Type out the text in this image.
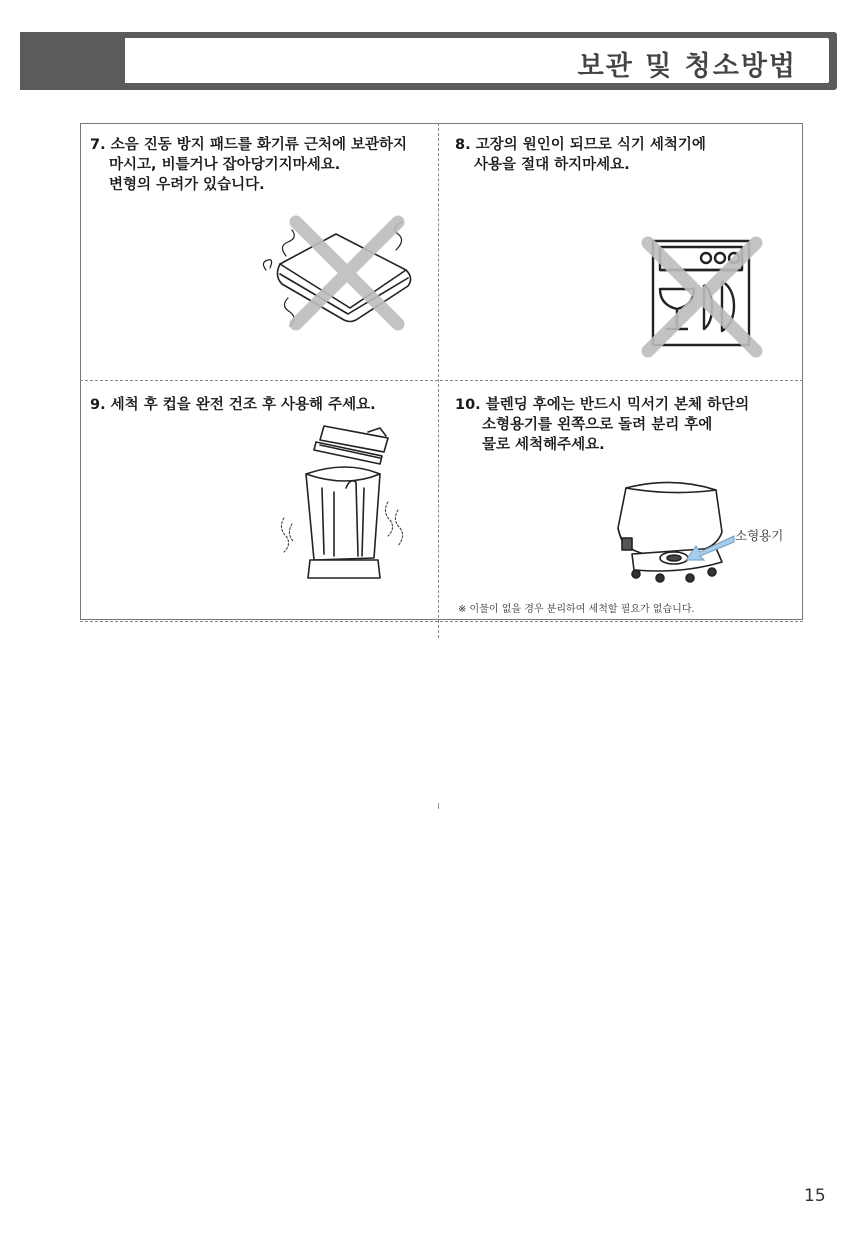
보관 및 청소방법
7. 소음 진동 방지 패드를 화기류 근처에 보관하지
마시고, 비틀거나 잡아당기지마세요.
변형의 우려가 있습니다.
8. 고장의 원인이 되므로 식기 세척기에
사용을 절대 하지마세요.
9. 세척 후 컵을 완전 건조 후 사용해 주세요.	10. 블렌딩 후에는 반드시 믹서기 본체 하단의
소형용기를 왼쪽으로 돌려 분리 후에
물로 세척해주세요.
소형용기
※ 이물이 없을 경우 분리하여 세척할 필요가 없습니다.
15
